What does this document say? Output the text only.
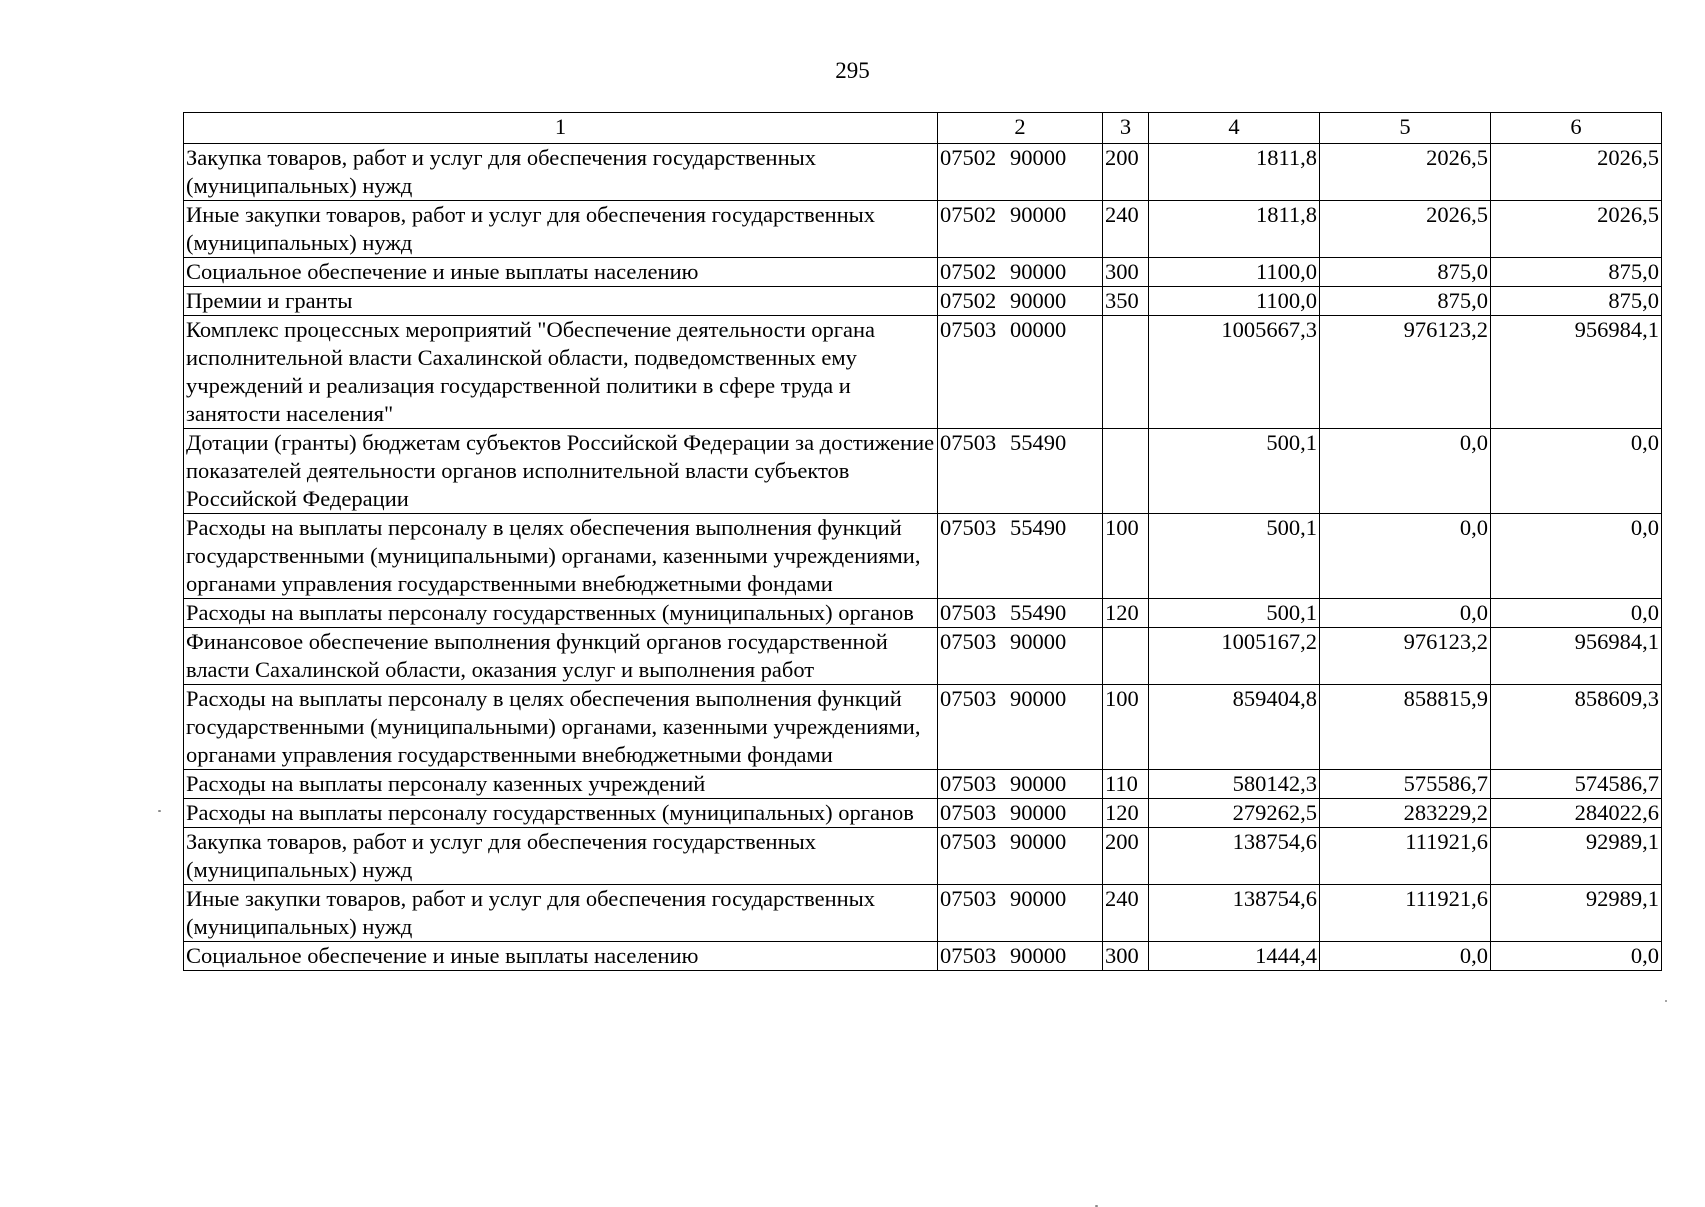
295
1	2	3	4	5	6
Закупка товаров, работ и услуг для обеспечения государственных (муниципальных) нужд	07502 90000	200	1811,8	2026,5	2026,5
Иные закупки товаров, работ и услуг для обеспечения государственных (муниципальных) нужд	07502 90000	240	1811,8	2026,5	2026,5
Социальное обеспечение и иные выплаты населению	07502 90000	300	1100,0	875,0	875,0
Премии и гранты	07502 90000	350	1100,0	875,0	875,0
Комплекс процессных мероприятий "Обеспечение деятельности органа исполнительной власти Сахалинской области, подведомственных ему учреждений и реализация государственной политики в сфере труда и занятости населения"	07503 00000		1005667,3	976123,2	956984,1
Дотации (гранты) бюджетам субъектов Российской Федерации за достижение показателей деятельности органов исполнительной власти субъектов Российской Федерации	07503 55490		500,1	0,0	0,0
Расходы на выплаты персоналу в целях обеспечения выполнения функций государственными (муниципальными) органами, казенными учреждениями, органами управления государственными внебюджетными фондами	07503 55490	100	500,1	0,0	0,0
Расходы на выплаты персоналу государственных (муниципальных) органов	07503 55490	120	500,1	0,0	0,0
Финансовое обеспечение выполнения функций органов государственной власти Сахалинской области, оказания услуг и выполнения работ	07503 90000		1005167,2	976123,2	956984,1
Расходы на выплаты персоналу в целях обеспечения выполнения функций государственными (муниципальными) органами, казенными учреждениями, органами управления государственными внебюджетными фондами	07503 90000	100	859404,8	858815,9	858609,3
Расходы на выплаты персоналу казенных учреждений	07503 90000	110	580142,3	575586,7	574586,7
Расходы на выплаты персоналу государственных (муниципальных) органов	07503 90000	120	279262,5	283229,2	284022,6
Закупка товаров, работ и услуг для обеспечения государственных (муниципальных) нужд	07503 90000	200	138754,6	111921,6	92989,1
Иные закупки товаров, работ и услуг для обеспечения государственных (муниципальных) нужд	07503 90000	240	138754,6	111921,6	92989,1
Социальное обеспечение и иные выплаты населению	07503 90000	300	1444,4	0,0	0,0
